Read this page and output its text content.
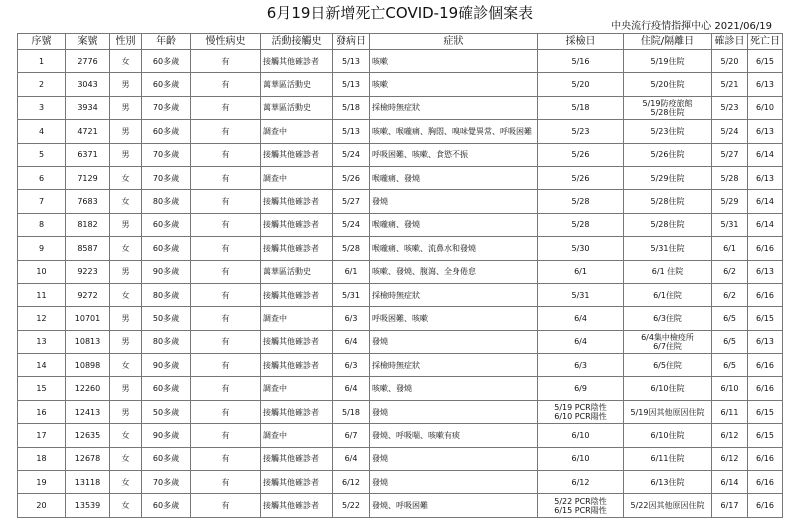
6月19日新增死亡COVID-19確診個案表
中央流行疫情指揮中心 2021/06/19
序號	案號	性別	年齡	慢性病史	活動接觸史	發病日	症狀	採檢日	住院/隔離日	確診日	死亡日
1	2776	女	60多歲	有	接觸其他確診者	5/13	咳嗽	5/16	5/19住院	5/20	6/15
2	3043	男	60多歲	有	萬華區活動史	5/13	咳嗽	5/20	5/20住院	5/21	6/13
3	3934	男	70多歲	有	萬華區活動史	5/18	採檢時無症狀	5/18	5/19防疫旅館
5/28住院	5/23	6/10
4	4721	男	60多歲	有	調查中	5/13	咳嗽、喉嚨痛、胸悶、嗅味覺異常、呼吸困難	5/23	5/23住院	5/24	6/13
5	6371	男	70多歲	有	接觸其他確診者	5/24	呼吸困難、咳嗽、食慾不振	5/26	5/26住院	5/27	6/14
6	7129	女	70多歲	有	調查中	5/26	喉嚨痛、發燒	5/26	5/29住院	5/28	6/13
7	7683	女	80多歲	有	接觸其他確診者	5/27	發燒	5/28	5/28住院	5/29	6/14
8	8182	男	60多歲	有	接觸其他確診者	5/24	喉嚨痛、發燒	5/28	5/28住院	5/31	6/14
9	8587	女	60多歲	有	接觸其他確診者	5/28	喉嚨痛、咳嗽、流鼻水和發燒	5/30	5/31住院	6/1	6/16
10	9223	男	90多歲	有	萬華區活動史	6/1	咳嗽、發燒、腹瀉、全身倦怠	6/1	6/1 住院	6/2	6/13
11	9272	女	80多歲	有	接觸其他確診者	5/31	採檢時無症狀	5/31	6/1住院	6/2	6/16
12	10701	男	50多歲	有	調查中	6/3	呼吸困難、咳嗽	6/4	6/3住院	6/5	6/15
13	10813	男	80多歲	有	接觸其他確診者	6/4	發燒	6/4	6/4集中檢疫所
6/7住院	6/5	6/13
14	10898	女	90多歲	有	接觸其他確診者	6/3	採檢時無症狀	6/3	6/5住院	6/5	6/16
15	12260	男	60多歲	有	調查中	6/4	咳嗽、發燒	6/9	6/10住院	6/10	6/16
16	12413	男	50多歲	有	接觸其他確診者	5/18	發燒	5/19 PCR陰性
6/10 PCR陽性	5/19因其他原因住院	6/11	6/15
17	12635	女	90多歲	有	調查中	6/7	發燒、呼吸喘、咳嗽有痰	6/10	6/10住院	6/12	6/15
18	12678	女	60多歲	有	接觸其他確診者	6/4	發燒	6/10	6/11住院	6/12	6/16
19	13118	女	70多歲	有	接觸其他確診者	6/12	發燒	6/12	6/13住院	6/14	6/16
20	13539	女	60多歲	有	接觸其他確診者	5/22	發燒、呼吸困難	5/22 PCR陰性
6/15 PCR陽性	5/22因其他原因住院	6/17	6/16
